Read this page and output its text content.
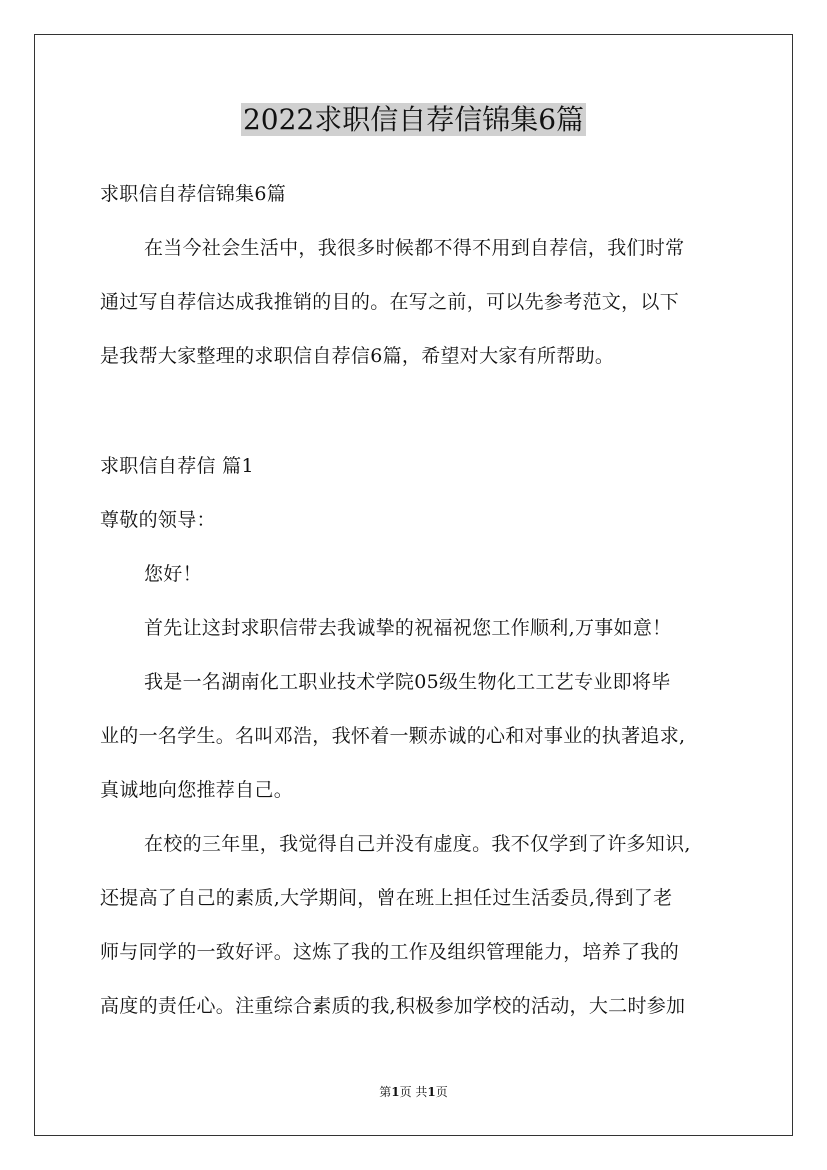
2022求职信自荐信锦集6篇
求职信自荐信锦集6篇
在当今社会生活中，我很多时候都不得不用到自荐信，我们时常
通过写自荐信达成我推销的目的。在写之前，可以先参考范文，以下
是我帮大家整理的求职信自荐信6篇，希望对大家有所帮助。
求职信自荐信 篇1
尊敬的领导：
您好！
首先让这封求职信带去我诚挚的祝福祝您工作顺利,万事如意！
我是一名湖南化工职业技术学院05级生物化工工艺专业即将毕
业的一名学生。名叫邓浩，我怀着一颗赤诚的心和对事业的执著追求,
真诚地向您推荐自己。
在校的三年里，我觉得自己并没有虚度。我不仅学到了许多知识,
还提高了自己的素质,大学期间，曾在班上担任过生活委员,得到了老
师与同学的一致好评。这炼了我的工作及组织管理能力，培养了我的
高度的责任心。注重综合素质的我,积极参加学校的活动，大二时参加
第1页 共1页
